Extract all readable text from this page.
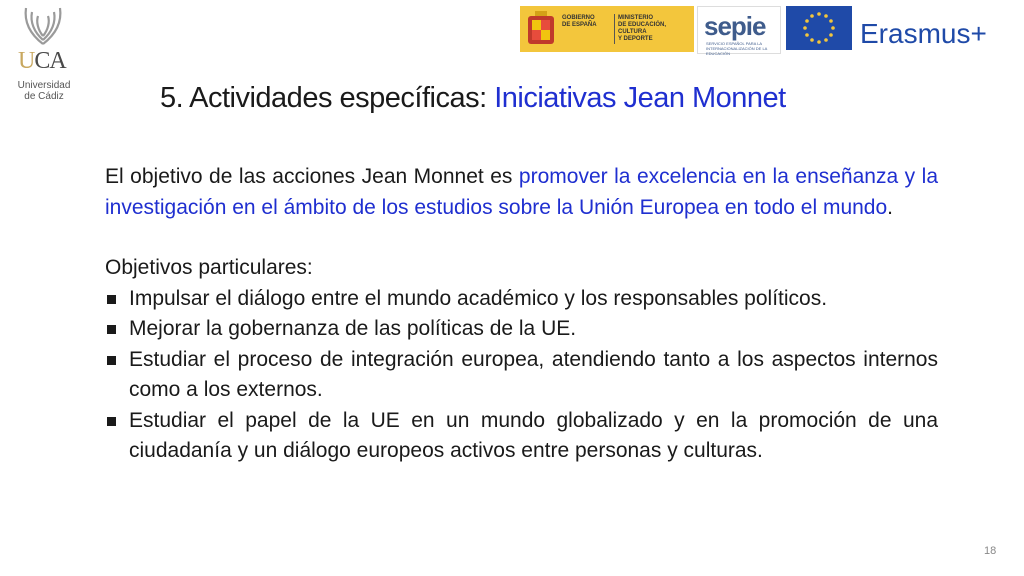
UCA
Universidad
de Cádiz
GOBIERNO
DE ESPAÑA
MINISTERIO
DE EDUCACIÓN, CULTURA
Y DEPORTE	sepie
SERVICIO ESPAÑOL PARA LA INTERNACIONALIZACIÓN DE LA EDUCACIÓN
Erasmus+
5. Actividades específicas: Iniciativas Jean Monnet

El objetivo de las acciones Jean Monnet es promover la excelencia en la enseñanza y la investigación en el ámbito de los estudios sobre la Unión Europea en todo el mundo.

Objetivos particulares:

Impulsar el diálogo entre el mundo académico y los responsables políticos.
Mejorar la gobernanza de las políticas de la UE.
Estudiar el proceso de integración europea, atendiendo tanto a los aspectos internos como a los externos.
Estudiar el papel de la UE en un mundo globalizado y en la promoción de una ciudadanía y un diálogo europeos activos entre personas y culturas.
18
